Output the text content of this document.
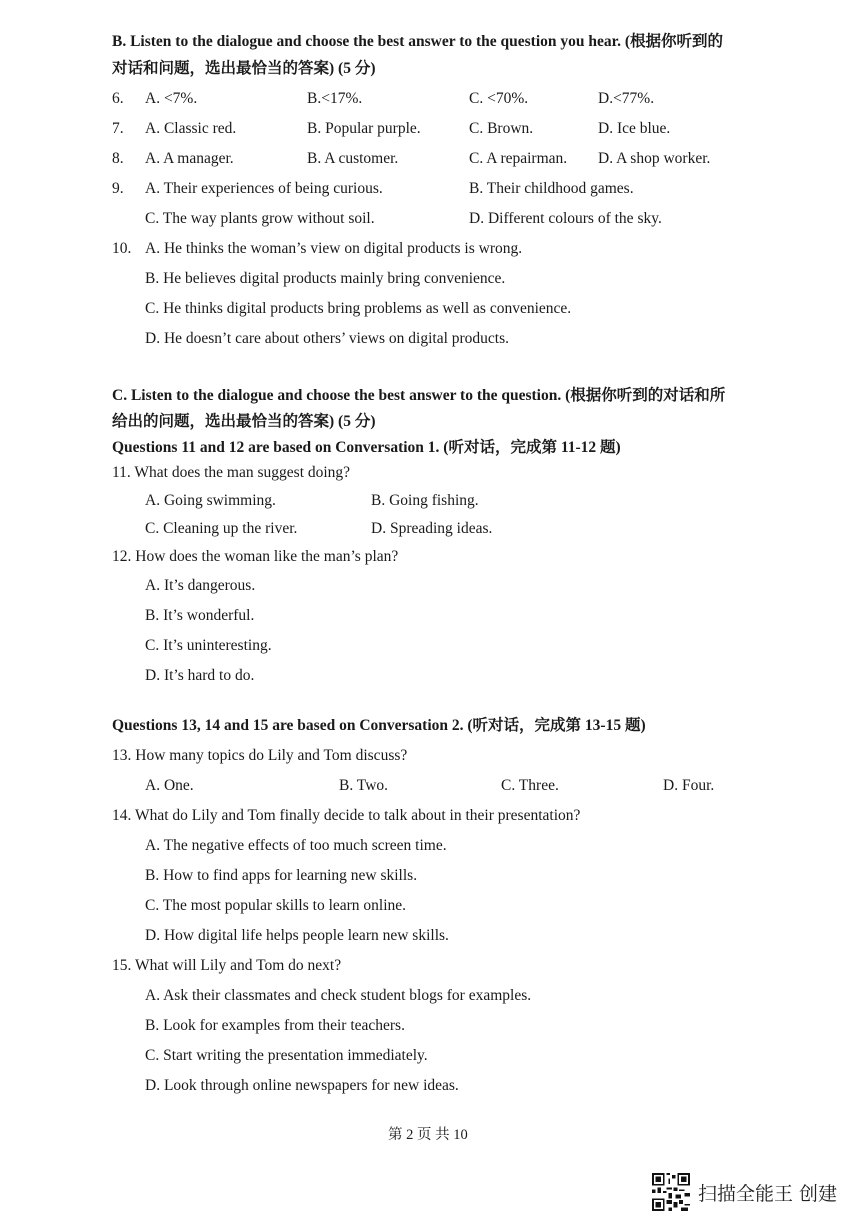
B. Listen to the dialogue and choose the best answer to the question you hear. (根据你听到的
对话和问题，选出最恰当的答案) (5 分)
6. A. <7%.	B.<17%.	C. <70%.	D.<77%.
7. A. Classic red.	B. Popular purple.	C. Brown.	D. Ice blue.
8. A. A manager.	B. A customer.	C. A repairman. D. A shop worker.
9. A. Their experiences of being curious.	B. Their childhood games.
C. The way plants grow without soil.	D. Different colours of the sky.
10. A. He thinks the woman’s view on digital products is wrong.
B. He believes digital products mainly bring convenience.
C. He thinks digital products bring problems as well as convenience.
D. He doesn’t care about others’ views on digital products.
C. Listen to the dialogue and choose the best answer to the question. (根据你听到的对话和所
给出的问题，选出最恰当的答案) (5 分)
Questions 11 and 12 are based on Conversation 1. (听对话，完成第 11-12 题)
11. What does the man suggest doing?
A. Going swimming.	B. Going fishing.
C. Cleaning up the river.	D. Spreading ideas.
12. How does the woman like the man’s plan?
A. It’s dangerous.
B. It’s wonderful.
C. It’s uninteresting.
D. It’s hard to do.
Questions 13, 14 and 15 are based on Conversation 2. (听对话，完成第 13-15 题)
13. How many topics do Lily and Tom discuss?
A. One.	B. Two.	C. Three.	D. Four.
14. What do Lily and Tom finally decide to talk about in their presentation?
A. The negative effects of too much screen time.
B. How to find apps for learning new skills.
C. The most popular skills to learn online.
D. How digital life helps people learn new skills.
15. What will Lily and Tom do next?
A. Ask their classmates and check student blogs for examples.
B. Look for examples from their teachers.
C. Start writing the presentation immediately.
D. Look through online newspapers for new ideas.
第 2 页 共 10
扫描全能王 创建
